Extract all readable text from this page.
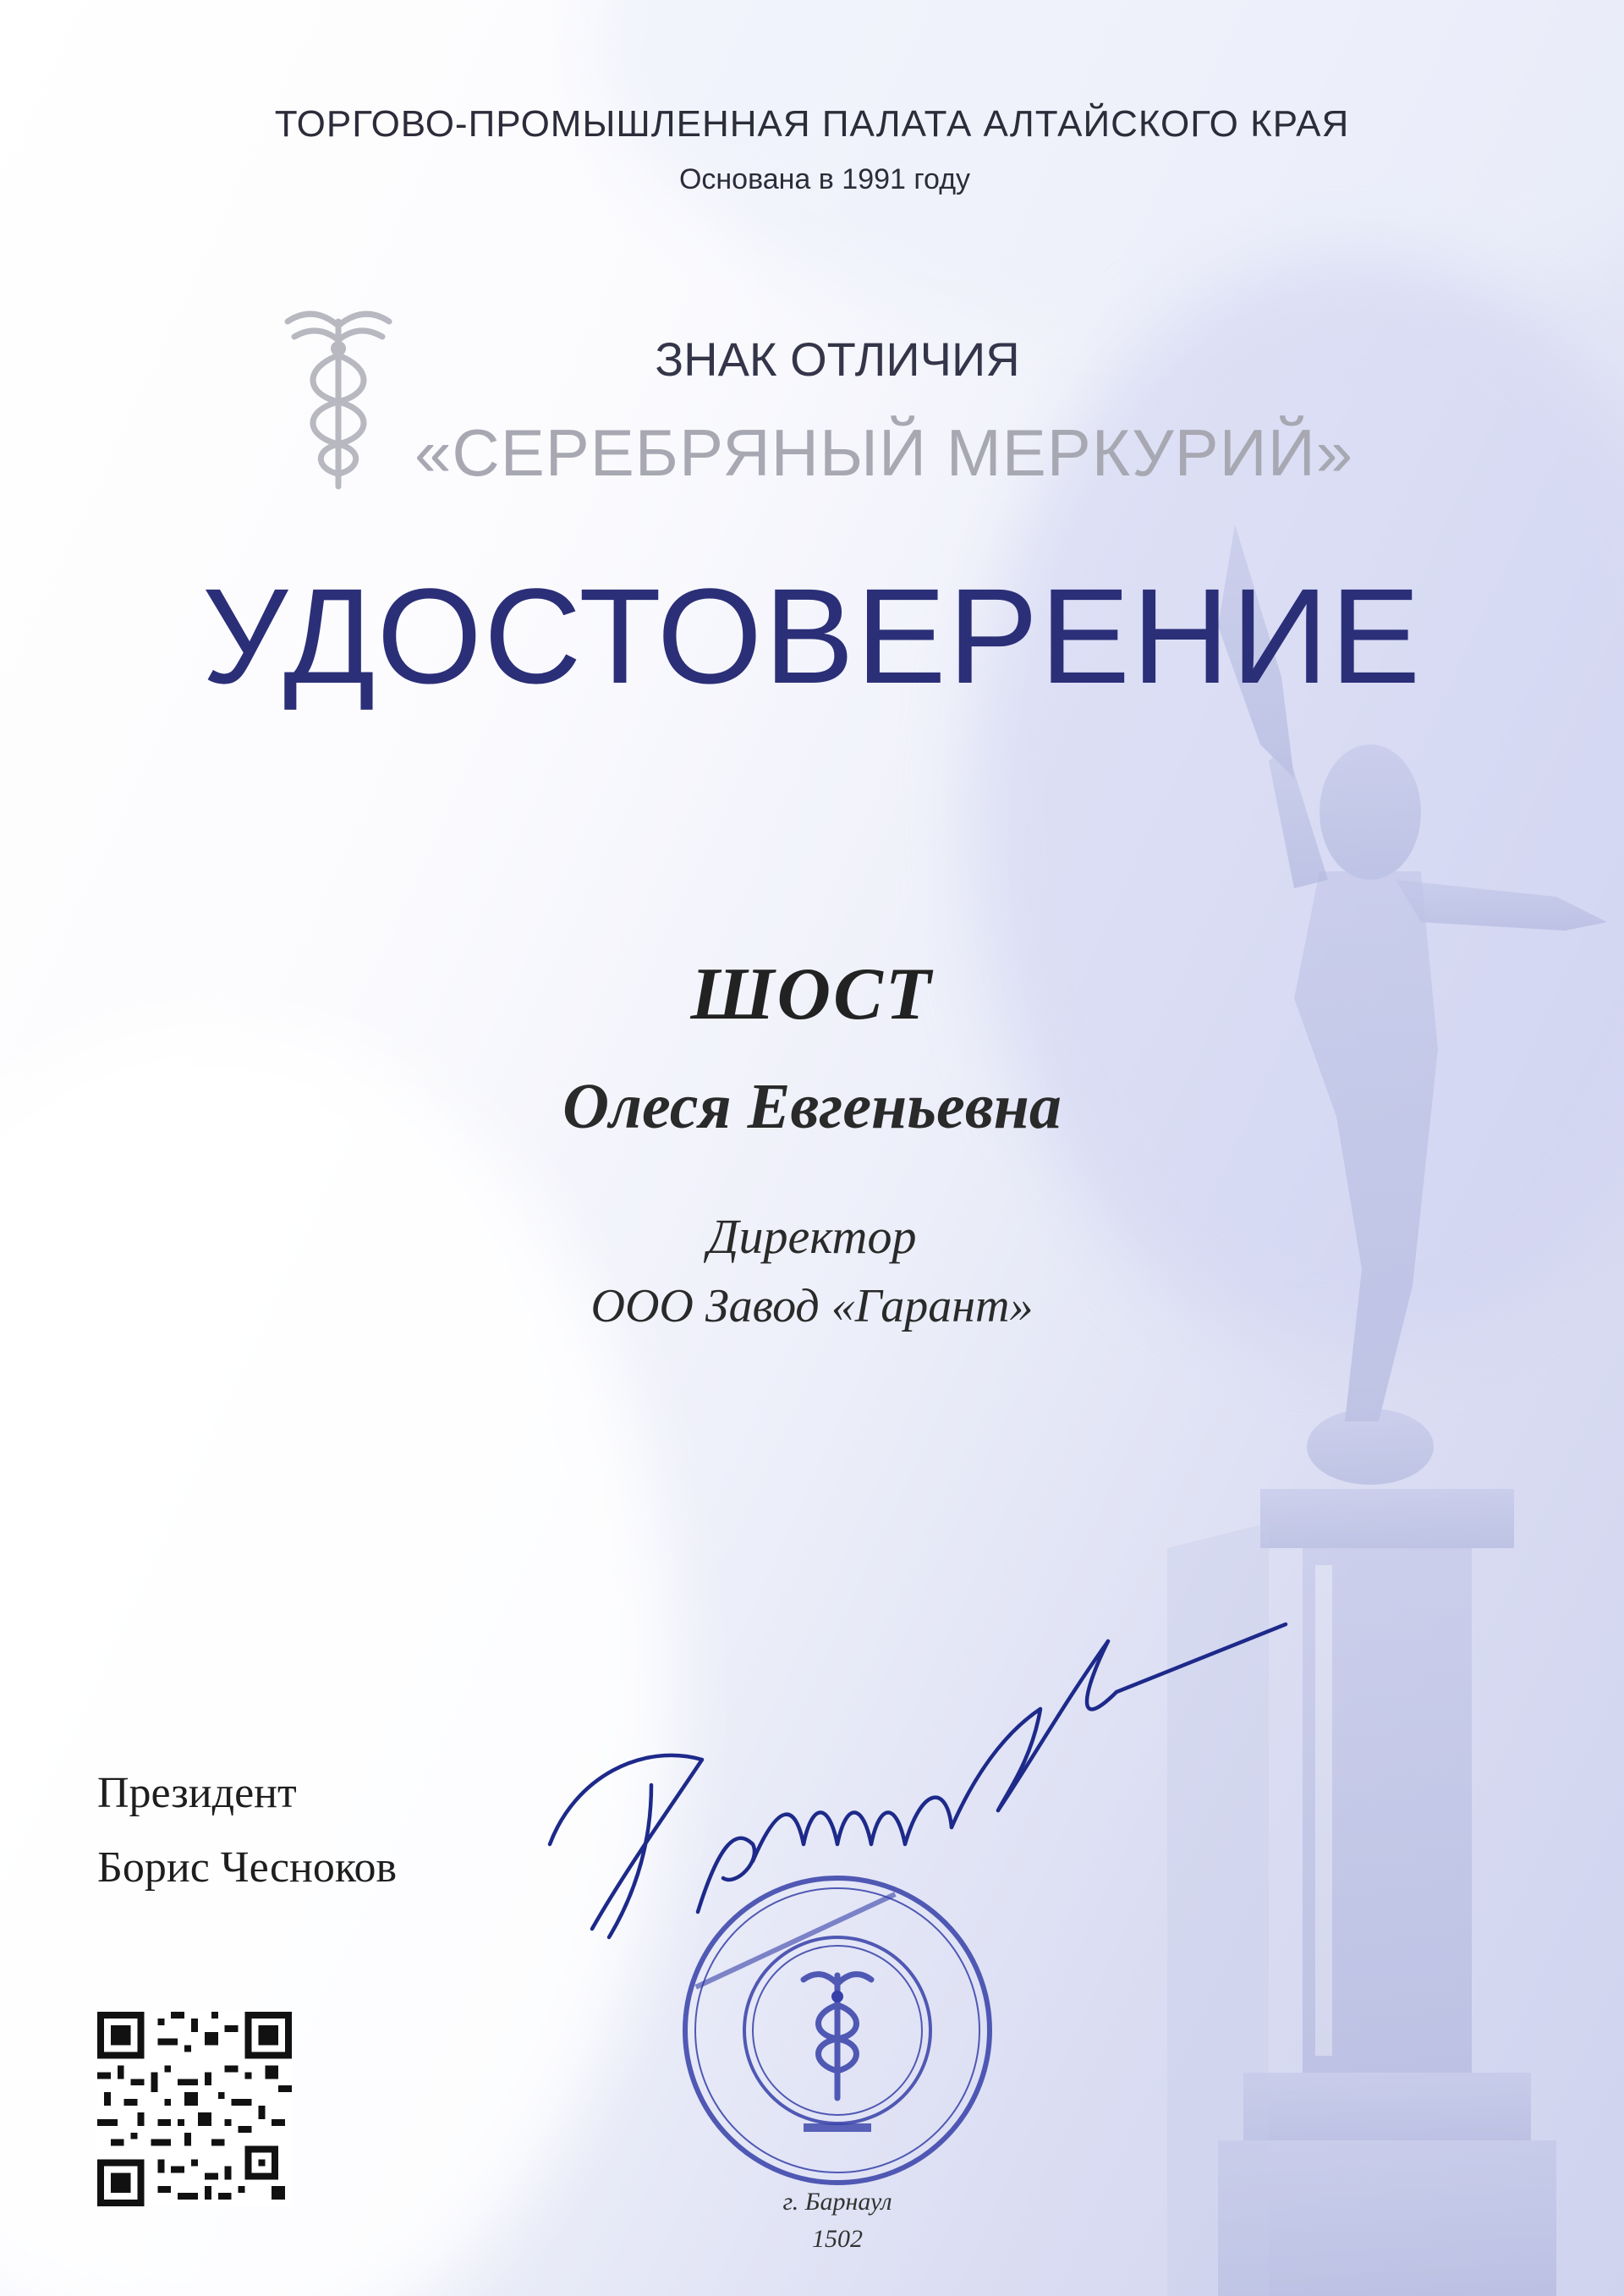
ТОРГОВО-ПРОМЫШЛЕННАЯ ПАЛАТА АЛТАЙСКОГО КРАЯ
Основана в 1991 году
ЗНАК ОТЛИЧИЯ
«СЕРЕБРЯНЫЙ МЕРКУРИЙ»
УДОСТОВЕРЕНИЕ
ШОСТ
Олеся Евгеньевна
Директор
ООО Завод «Гарант»
Президент
Борис Чесноков
г. Барнаул
1502
